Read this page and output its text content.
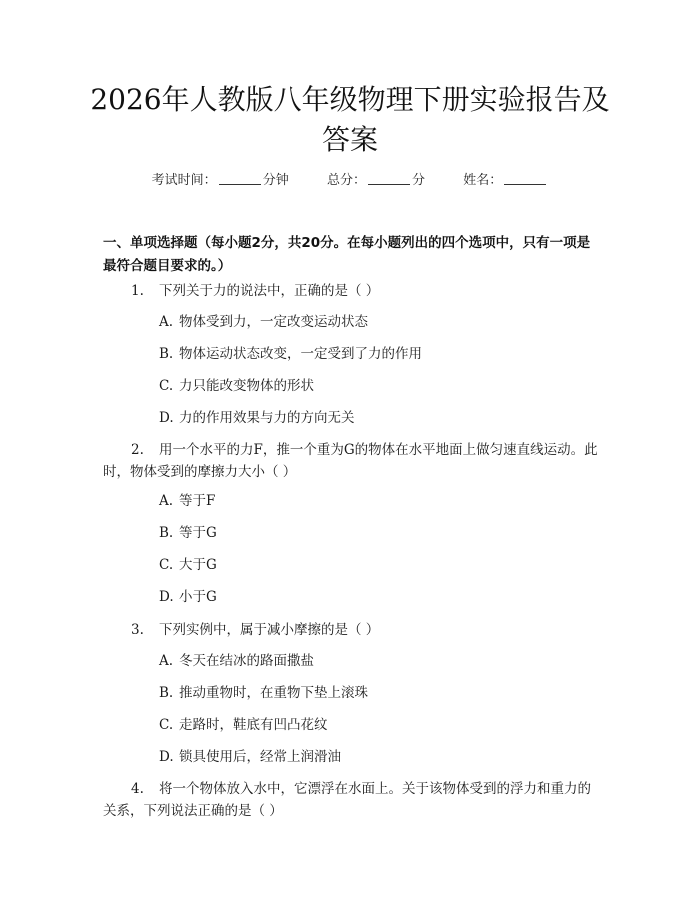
2026年人教版八年级物理下册实验报告及答案
考试时间：	分钟	总分：	分	姓名：

一、单项选择题（每小题2分，共20分。在每小题列出的四个选项中，只有一项是最符合题目要求的。）

1. 下列关于力的说法中，正确的是（ ）

A. 物体受到力，一定改变运动状态
B. 物体运动状态改变，一定受到了力的作用
C. 力只能改变物体的形状
D. 力的作用效果与力的方向无关

2. 用一个水平的力F，推一个重为G的物体在水平地面上做匀速直线运动。此时，物体受到的摩擦力大小（ ）

A. 等于F
B. 等于G
C. 大于G
D. 小于G

3. 下列实例中，属于减小摩擦的是（ ）

A. 冬天在结冰的路面撒盐
B. 推动重物时，在重物下垫上滚珠
C. 走路时，鞋底有凹凸花纹
D. 锁具使用后，经常上润滑油

4. 将一个物体放入水中，它漂浮在水面上。关于该物体受到的浮力和重力的关系，下列说法正确的是（ ）
